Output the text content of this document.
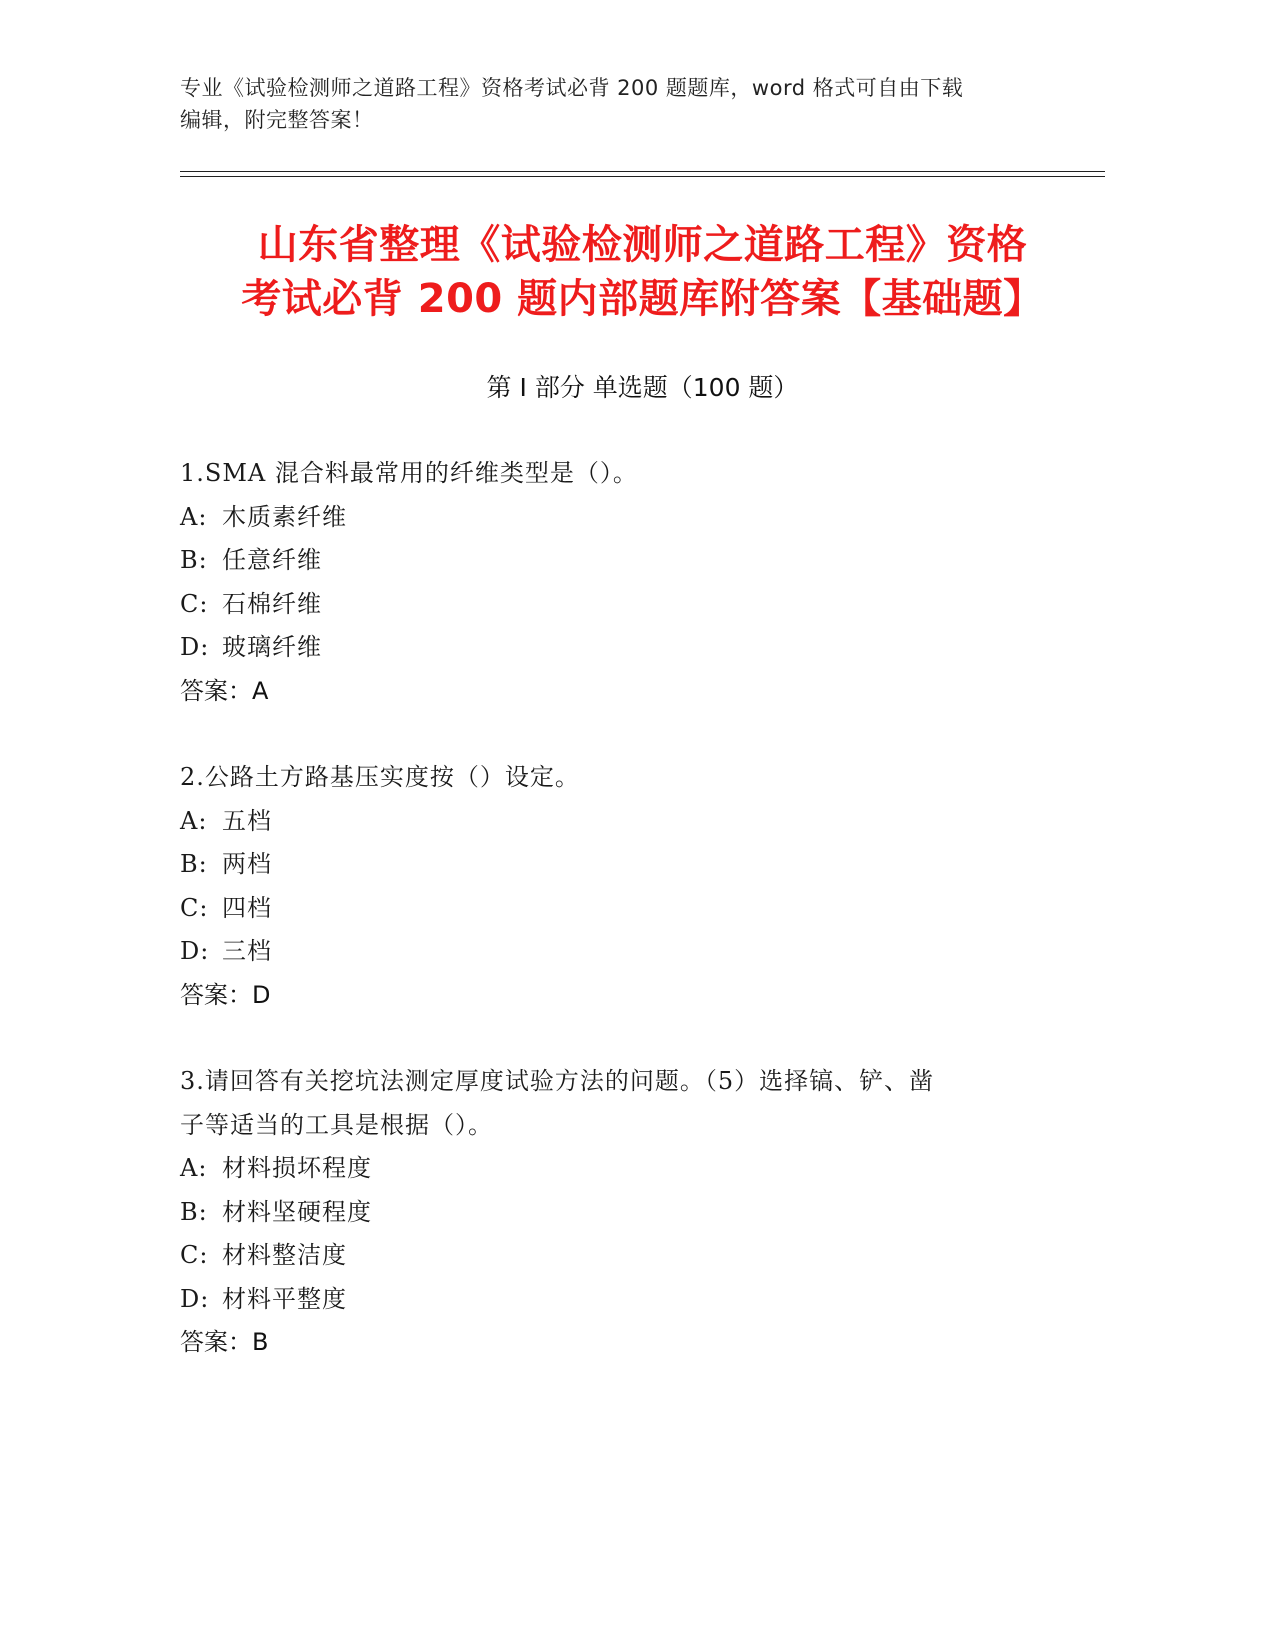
专业《试验检测师之道路工程》资格考试必背 200 题题库，word 格式可自由下载
编辑，附完整答案！
山东省整理《试验检测师之道路工程》资格
考试必背 200 题内部题库附答案【基础题】
第 I 部分 单选题（100 题）
1.SMA 混合料最常用的纤维类型是（）。
A: 木质素纤维
B: 任意纤维
C: 石棉纤维
D: 玻璃纤维
答案：A
2.公路土方路基压实度按（）设定。
A: 五档
B: 两档
C: 四档
D: 三档
答案：D
3.请回答有关挖坑法测定厚度试验方法的问题。（5）选择镐、铲、凿
子等适当的工具是根据（）。
A: 材料损坏程度
B: 材料坚硬程度
C: 材料整洁度
D: 材料平整度
答案：B
